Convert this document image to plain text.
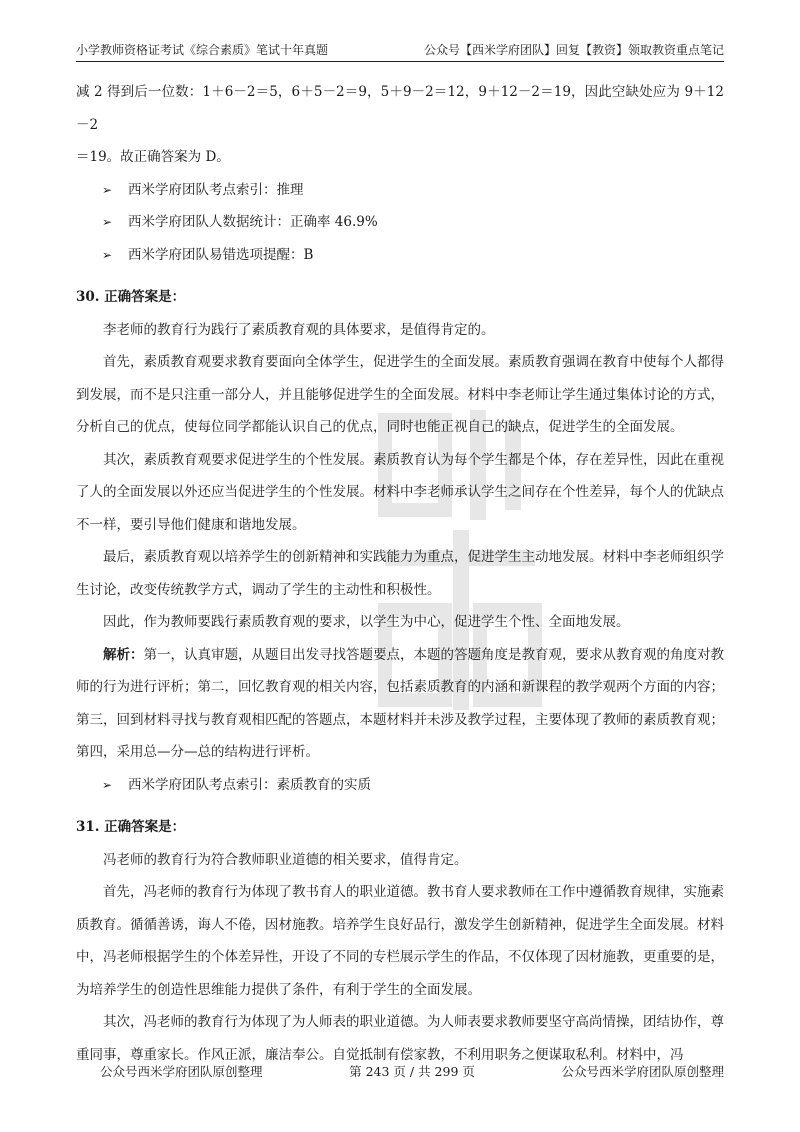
小学教师资格证考试《综合素质》笔试十年真题	公众号【西米学府团队】回复【教资】领取教资重点笔记

减 2 得到后一位数：1＋6－2＝5，6＋5－2＝9，5＋9－2＝12，9＋12－2＝19，因此空缺处应为 9＋12－2

＝19。故正确答案为 D。

➢	西米学府团队考点索引：推理
➢	西米学府团队人数据统计：正确率 46.9%
➢	西米学府团队易错选项提醒：B

30. 正确答案是：

李老师的教育行为践行了素质教育观的具体要求，是值得肯定的。

首先，素质教育观要求教育要面向全体学生，促进学生的全面发展。素质教育强调在教育中使每个人都得到发展，而不是只注重一部分人，并且能够促进学生的全面发展。材料中李老师让学生通过集体讨论的方式，分析自己的优点，使每位同学都能认识自己的优点，同时也能正视自己的缺点，促进学生的全面发展。

其次，素质教育观要求促进学生的个性发展。素质教育认为每个学生都是个体，存在差异性，因此在重视了人的全面发展以外还应当促进学生的个性发展。材料中李老师承认学生之间存在个性差异，每个人的优缺点不一样，要引导他们健康和谐地发展。

最后，素质教育观以培养学生的创新精神和实践能力为重点，促进学生主动地发展。材料中李老师组织学生讨论，改变传统教学方式，调动了学生的主动性和积极性。

因此，作为教师要践行素质教育观的要求，以学生为中心，促进学生个性、全面地发展。

解析：第一，认真审题，从题目出发寻找答题要点，本题的答题角度是教育观，要求从教育观的角度对教师的行为进行评析；第二，回忆教育观的相关内容，包括素质教育的内涵和新课程的教学观两个方面的内容；第三，回到材料寻找与教育观相匹配的答题点，本题材料并未涉及教学过程，主要体现了教师的素质教育观；第四，采用总—分—总的结构进行评析。

➢	西米学府团队考点索引：素质教育的实质

31. 正确答案是：

冯老师的教育行为符合教师职业道德的相关要求，值得肯定。

首先，冯老师的教育行为体现了教书育人的职业道德。教书育人要求教师在工作中遵循教育规律，实施素质教育。循循善诱，诲人不倦，因材施教。培养学生良好品行，激发学生创新精神，促进学生全面发展。材料中，冯老师根据学生的个体差异性，开设了不同的专栏展示学生的作品，不仅体现了因材施教，更重要的是，为培养学生的创造性思维能力提供了条件，有利于学生的全面发展。

其次，冯老师的教育行为体现了为人师表的职业道德。为人师表要求教师要坚守高尚情操，团结协作，尊重同事，尊重家长。作风正派，廉洁奉公。自觉抵制有偿家教，不利用职务之便谋取私利。材料中，冯

公众号西米学府团队原创整理	第 243 页 / 共 299 页	公众号西米学府团队原创整理
